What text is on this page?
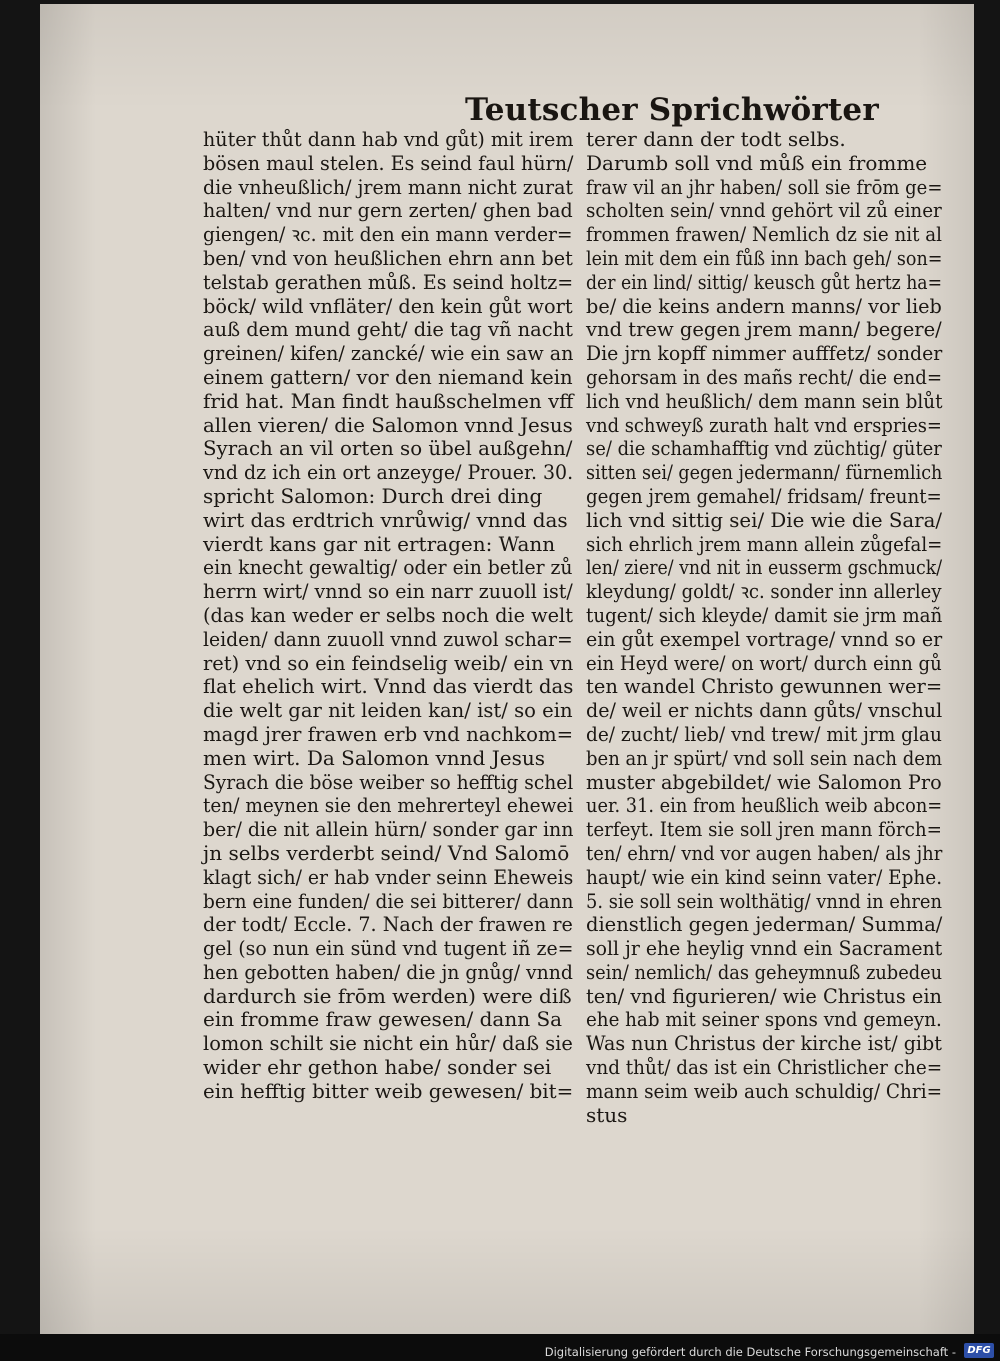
Teutscher Sprichwörter
hüter thůt dann hab vnd gůt) mit irem
bösen maul stelen. Es seind faul hürn/
die vnheußlich/ jrem mann nicht zurat
halten/ vnd nur gern zerten/ ghen bad
giengen/ ꝛc. mit den ein mann verder=
ben/ vnd von heußlichen ehrn ann bet
telstab gerathen můß. Es seind holtz=
böck/ wild vnfläter/ den kein gůt wort
auß dem mund geht/ die tag vñ nacht
greinen/ kifen/ zancké/ wie ein saw an
einem gattern/ vor den niemand kein
frid hat. Man findt haußschelmen vff
allen vieren/ die Salomon vnnd Jesus
Syrach an vil orten so übel außgehn/
vnd dz ich ein ort anzeyge/ Prouer. 30.
spricht Salomon: Durch drei ding
wirt das erdtrich vnrůwig/ vnnd das
vierdt kans gar nit ertragen: Wann
ein knecht gewaltig/ oder ein betler zů
herrn wirt/ vnnd so ein narr zuuoll ist/
(das kan weder er selbs noch die welt
leiden/ dann zuuoll vnnd zuwol schar=
ret) vnd so ein feindselig weib/ ein vn
flat ehelich wirt. Vnnd das vierdt das
die welt gar nit leiden kan/ ist/ so ein
magd jrer frawen erb vnd nachkom=
men wirt. Da Salomon vnnd Jesus
Syrach die böse weiber so hefftig schel
ten/ meynen sie den mehrerteyl ehewei
ber/ die nit allein hürn/ sonder gar inn
jn selbs verderbt seind/ Vnd Salomō
klagt sich/ er hab vnder seinn Eheweis
bern eine funden/ die sei bitterer/ dann
der todt/ Eccle. 7. Nach der frawen re
gel (so nun ein sünd vnd tugent iñ ze=
hen gebotten haben/ die jn gnůg/ vnnd
dardurch sie frōm werden) were diß
ein fromme fraw gewesen/ dann Sa
lomon schilt sie nicht ein hůr/ daß sie
wider ehr gethon habe/ sonder sei
ein hefftig bitter weib gewesen/ bit=
terer dann der todt selbs.
Darumb soll vnd můß ein fromme
fraw vil an jhr haben/ soll sie frōm ge=
scholten sein/ vnnd gehört vil zů einer
frommen frawen/ Nemlich dz sie nit al
lein mit dem ein fůß inn bach geh/ son=
der ein lind/ sittig/ keusch gůt hertz ha=
be/ die keins andern manns/ vor lieb
vnd trew gegen jrem mann/ begere/
Die jrn kopff nimmer aufffetz/ sonder
gehorsam in des mañs recht/ die end=
lich vnd heußlich/ dem mann sein blůt
vnd schweyß zurath halt vnd erspries=
se/ die schamhafftig vnd züchtig/ güter
sitten sei/ gegen jedermann/ fürnemlich
gegen jrem gemahel/ fridsam/ freunt=
lich vnd sittig sei/ Die wie die Sara/
sich ehrlich jrem mann allein zůgefal=
len/ ziere/ vnd nit in eusserm gschmuck/
kleydung/ goldt/ ꝛc. sonder inn allerley
tugent/ sich kleyde/ damit sie jrm mañ
ein gůt exempel vortrage/ vnnd so er
ein Heyd were/ on wort/ durch einn gů
ten wandel Christo gewunnen wer=
de/ weil er nichts dann gůts/ vnschul
de/ zucht/ lieb/ vnd trew/ mit jrm glau
ben an jr spürt/ vnd soll sein nach dem
muster abgebildet/ wie Salomon Pro
uer. 31. ein from heußlich weib abcon=
terfeyt. Item sie soll jren mann förch=
ten/ ehrn/ vnd vor augen haben/ als jhr
haupt/ wie ein kind seinn vater/ Ephe.
5. sie soll sein wolthätig/ vnnd in ehren
dienstlich gegen jederman/ Summa/
soll jr ehe heylig vnnd ein Sacrament
sein/ nemlich/ das geheymnuß zubedeu
ten/ vnd figurieren/ wie Christus ein
ehe hab mit seiner spons vnd gemeyn.
Was nun Christus der kirche ist/ gibt
vnd thůt/ das ist ein Christlicher che=
mann seim weib auch schuldig/ Chri=
stus
Digitalisierung gefördert durch die Deutsche Forschungsgemeinschaft -	DFG
